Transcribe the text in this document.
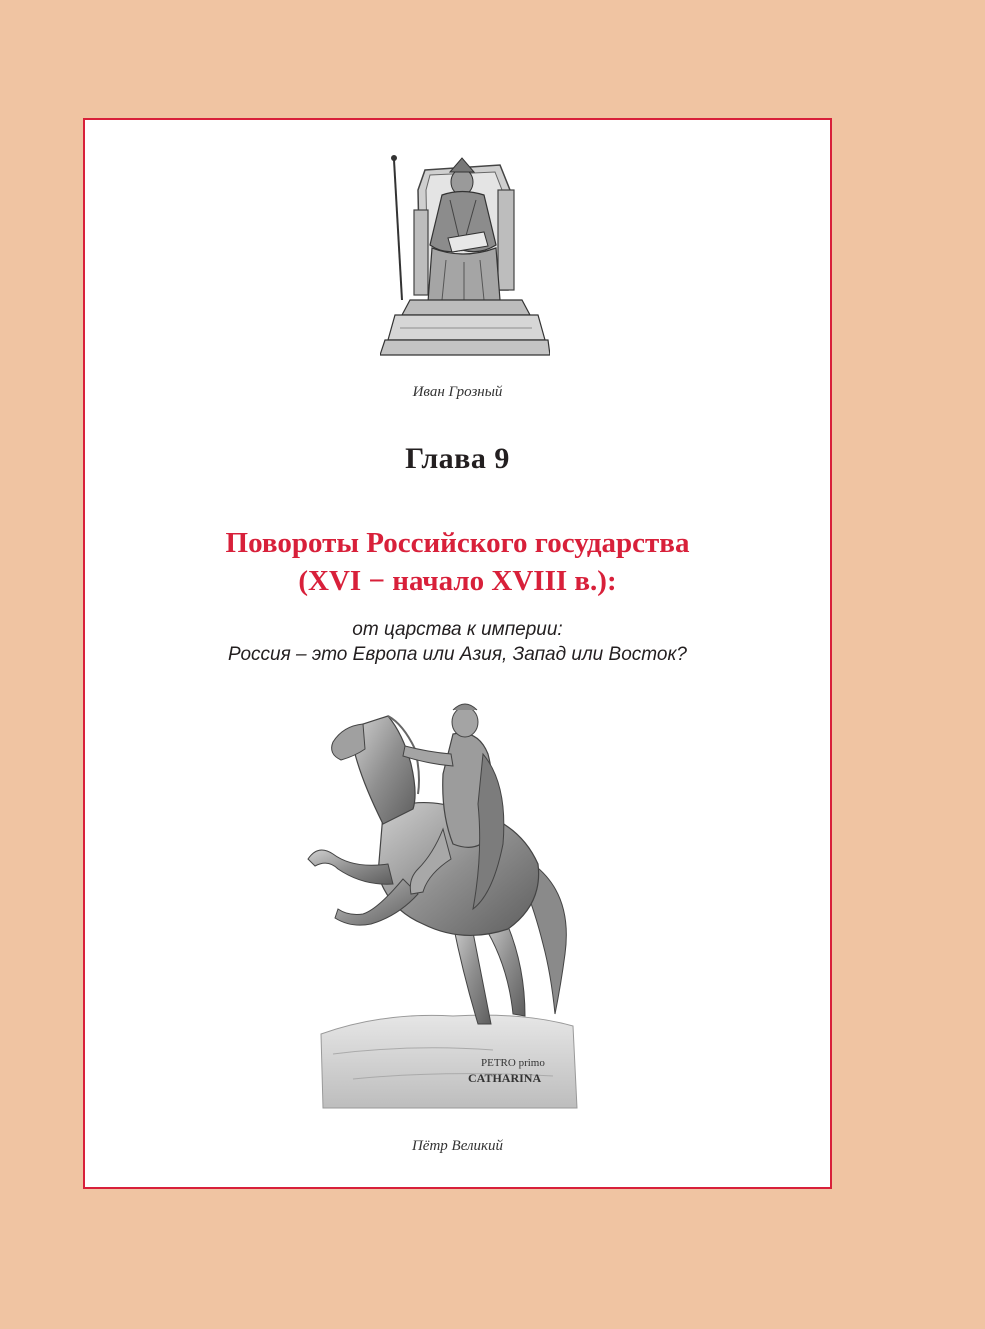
Иван Грозный
Глава 9
Повороты Российского государства
(XVI − начало XVIII в.):
от царства к империи:
Россия – это Европа или Азия, Запад или Восток?
PETRO primo
CATHARINA
Пётр Великий
